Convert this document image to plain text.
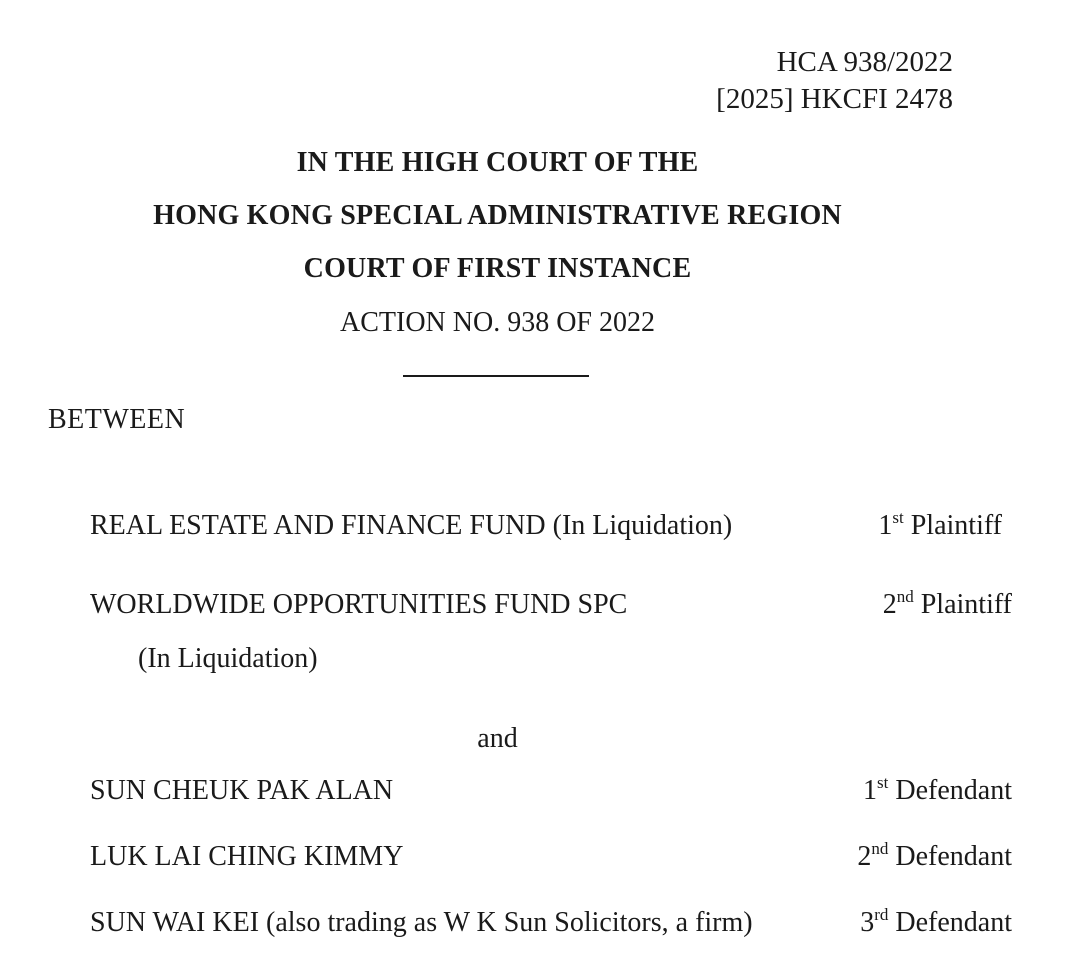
HCA 938/2022
[2025] HKCFI 2478
IN THE HIGH COURT OF THE
HONG KONG SPECIAL ADMINISTRATIVE REGION
COURT OF FIRST INSTANCE
ACTION NO. 938 OF 2022
BETWEEN
REAL ESTATE AND FINANCE FUND (In Liquidation)	1st Plaintiff
WORLDWIDE OPPORTUNITIES FUND SPC	2nd Plaintiff
(In Liquidation)
and
SUN CHEUK PAK ALAN	1st Defendant
LUK LAI CHING KIMMY	2nd Defendant
SUN WAI KEI (also trading as W K Sun Solicitors, a firm)	3rd Defendant
